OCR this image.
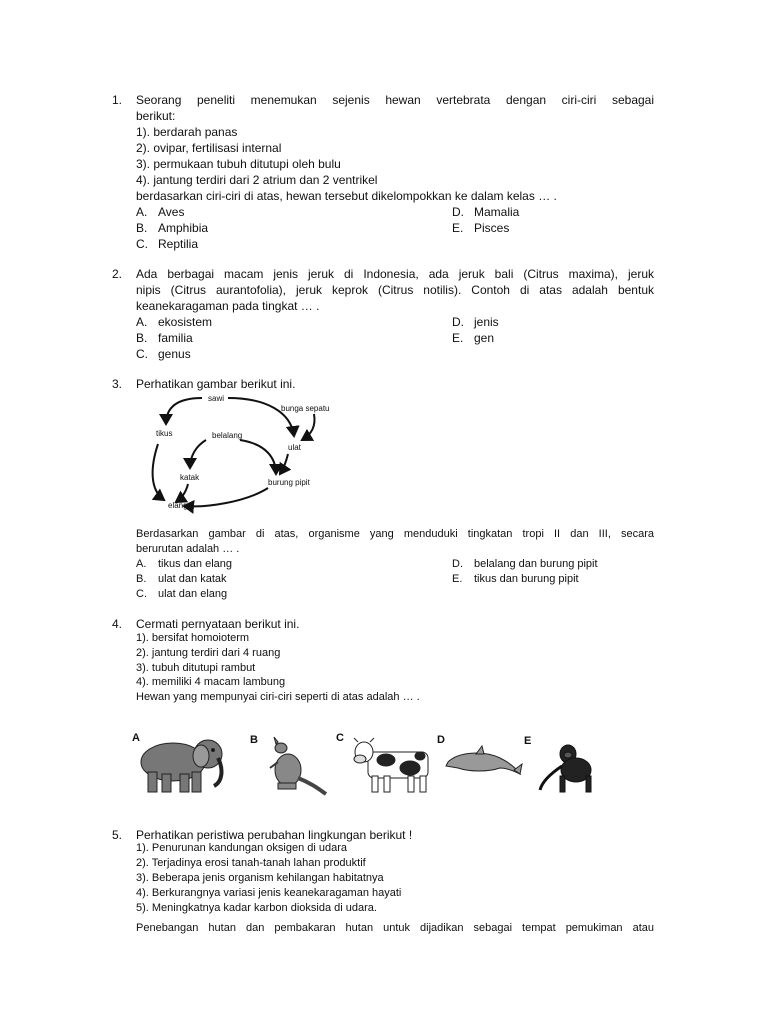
1. Seorang peneliti menemukan sejenis hewan vertebrata dengan ciri-ciri sebagai
berikut:
1). berdarah panas
2). ovipar, fertilisasi internal
3). permukaan tubuh ditutupi oleh bulu
4). jantung terdiri dari 2 atrium dan 2 ventrikel
berdasarkan ciri-ciri di atas, hewan tersebut dikelompokkan ke dalam kelas … .
A. Aves
B. Amphibia
C. Reptilia
D. Mamalia
E. Pisces
2. Ada berbagai macam jenis jeruk di Indonesia, ada jeruk bali (Citrus maxima), jeruk
nipis (Citrus aurantofolia), jeruk keprok (Citrus notilis). Contoh di atas adalah bentuk
keanekaragaman pada tingkat … .
A. ekosistem
B. familia
C. genus
D. jenis
E. gen
3. Perhatikan gambar berikut ini.
sawi
bunga sepatu
tikus	belalang
ulat
katak
burung pipit
elang
Berdasarkan gambar di atas, organisme yang menduduki tingkatan tropi II dan III, secara
berurutan adalah … .
A. tikus dan elang
B. ulat dan katak
C. ulat dan elang
D. belalang dan burung pipit
E. tikus dan burung pipit
4. Cermati pernyataan berikut ini.
1). bersifat homoioterm
2). jantung terdiri dari 4 ruang
3). tubuh ditutupi rambut
4). memiliki 4 macam lambung
Hewan yang mempunyai ciri-ciri seperti di atas adalah … .
A	B	C	D	E
5. Perhatikan peristiwa perubahan lingkungan berikut !
1). Penurunan kandungan oksigen di udara
2). Terjadinya erosi tanah-tanah lahan produktif
3). Beberapa jenis organism kehilangan habitatnya
4). Berkurangnya variasi jenis keanekaragaman hayati
5). Meningkatnya kadar karbon dioksida di udara.
Penebangan hutan dan pembakaran hutan untuk dijadikan sebagai tempat pemukiman atau
